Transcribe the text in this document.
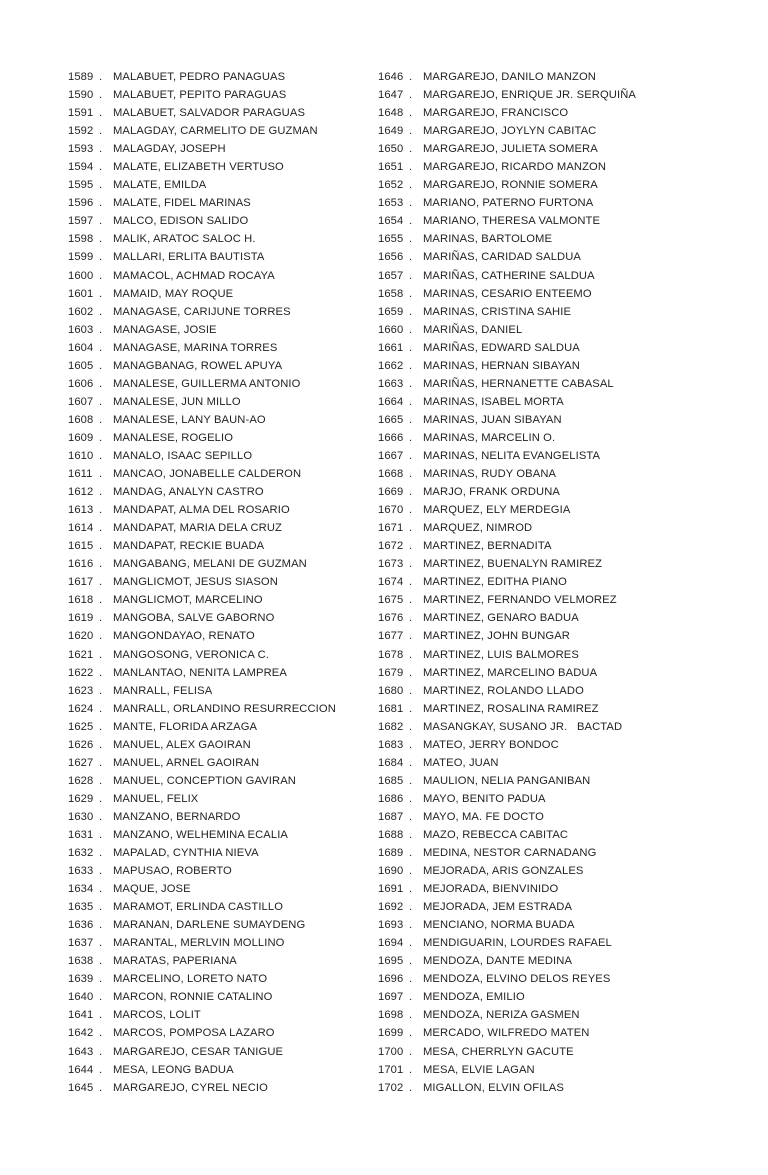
1589 . MALABUET, PEDRO PANAGUAS
1590 . MALABUET, PEPITO PARAGUAS
1591 . MALABUET, SALVADOR PARAGUAS
1592 . MALAGDAY, CARMELITO DE GUZMAN
1593 . MALAGDAY, JOSEPH
1594 . MALATE, ELIZABETH VERTUSO
1595 . MALATE, EMILDA
1596 . MALATE, FIDEL MARINAS
1597 . MALCO, EDISON SALIDO
1598 . MALIK, ARATOC SALOC H.
1599 . MALLARI, ERLITA BAUTISTA
1600 . MAMACOL, ACHMAD ROCAYA
1601 . MAMAID, MAY ROQUE
1602 . MANAGASE, CARIJUNE TORRES
1603 . MANAGASE, JOSIE
1604 . MANAGASE, MARINA TORRES
1605 . MANAGBANAG, ROWEL APUYA
1606 . MANALESE, GUILLERMA ANTONIO
1607 . MANALESE, JUN MILLO
1608 . MANALESE, LANY BAUN-AO
1609 . MANALESE, ROGELIO
1610 . MANALO, ISAAC SEPILLO
1611 . MANCAO, JONABELLE CALDERON
1612 . MANDAG, ANALYN CASTRO
1613 . MANDAPAT, ALMA DEL ROSARIO
1614 . MANDAPAT, MARIA DELA CRUZ
1615 . MANDAPAT, RECKIE BUADA
1616 . MANGABANG, MELANI DE GUZMAN
1617 . MANGLICMOT, JESUS SIASON
1618 . MANGLICMOT, MARCELINO
1619 . MANGOBA, SALVE GABORNO
1620 . MANGONDAYAO, RENATO
1621 . MANGOSONG, VERONICA C.
1622 . MANLANTAO, NENITA LAMPREA
1623 . MANRALL, FELISA
1624 . MANRALL, ORLANDINO RESURRECCION
1625 . MANTE, FLORIDA ARZAGA
1626 . MANUEL, ALEX GAOIRAN
1627 . MANUEL, ARNEL GAOIRAN
1628 . MANUEL, CONCEPTION GAVIRAN
1629 . MANUEL, FELIX
1630 . MANZANO, BERNARDO
1631 . MANZANO, WELHEMINA ECALIA
1632 . MAPALAD, CYNTHIA NIEVA
1633 . MAPUSAO, ROBERTO
1634 . MAQUE, JOSE
1635 . MARAMOT, ERLINDA CASTILLO
1636 . MARANAN, DARLENE SUMAYDENG
1637 . MARANTAL, MERLVIN MOLLINO
1638 . MARATAS, PAPERIANA
1639 . MARCELINO, LORETO NATO
1640 . MARCON, RONNIE CATALINO
1641 . MARCOS, LOLIT
1642 . MARCOS, POMPOSA LAZARO
1643 . MARGAREJO, CESAR TANIGUE
1644 . MESA, LEONG BADUA
1645 . MARGAREJO, CYREL NECIO
1646 . MARGAREJO, DANILO MANZON
1647 . MARGAREJO, ENRIQUE JR. SERQUIÑA
1648 . MARGAREJO, FRANCISCO
1649 . MARGAREJO, JOYLYN CABITAC
1650 . MARGAREJO, JULIETA SOMERA
1651 . MARGAREJO, RICARDO MANZON
1652 . MARGAREJO, RONNIE SOMERA
1653 . MARIANO, PATERNO FURTONA
1654 . MARIANO, THERESA VALMONTE
1655 . MARINAS, BARTOLOME
1656 . MARIÑAS, CARIDAD SALDUA
1657 . MARIÑAS, CATHERINE SALDUA
1658 . MARINAS, CESARIO ENTEEMO
1659 . MARINAS, CRISTINA SAHIE
1660 . MARIÑAS, DANIEL
1661 . MARIÑAS, EDWARD SALDUA
1662 . MARINAS, HERNAN SIBAYAN
1663 . MARIÑAS, HERNANETTE CABASAL
1664 . MARINAS, ISABEL MORTA
1665 . MARINAS, JUAN SIBAYAN
1666 . MARINAS, MARCELIN O.
1667 . MARINAS, NELITA EVANGELISTA
1668 . MARINAS, RUDY OBANA
1669 . MARJO, FRANK ORDUNA
1670 . MARQUEZ, ELY MERDEGIA
1671 . MARQUEZ, NIMROD
1672 . MARTINEZ, BERNADITA
1673 . MARTINEZ, BUENALYN RAMIREZ
1674 . MARTINEZ, EDITHA PIANO
1675 . MARTINEZ, FERNANDO VELMOREZ
1676 . MARTINEZ, GENARO BADUA
1677 . MARTINEZ, JOHN BUNGAR
1678 . MARTINEZ, LUIS BALMORES
1679 . MARTINEZ, MARCELINO BADUA
1680 . MARTINEZ, ROLANDO LLADO
1681 . MARTINEZ, ROSALINA RAMIREZ
1682 . MASANGKAY, SUSANO JR.   BACTAD
1683 . MATEO, JERRY BONDOC
1684 . MATEO, JUAN
1685 . MAULION, NELIA PANGANIBAN
1686 . MAYO, BENITO PADUA
1687 . MAYO, MA. FE DOCTO
1688 . MAZO, REBECCA CABITAC
1689 . MEDINA, NESTOR CARNADANG
1690 . MEJORADA, ARIS GONZALES
1691 . MEJORADA, BIENVINIDO
1692 . MEJORADA, JEM ESTRADA
1693 . MENCIANO, NORMA BUADA
1694 . MENDIGUARIN, LOURDES RAFAEL
1695 . MENDOZA, DANTE MEDINA
1696 . MENDOZA, ELVINO DELOS REYES
1697 . MENDOZA, EMILIO
1698 . MENDOZA, NERIZA GASMEN
1699 . MERCADO, WILFREDO MATEN
1700 . MESA, CHERRLYN GACUTE
1701 . MESA, ELVIE LAGAN
1702 . MIGALLON, ELVIN OFILAS
